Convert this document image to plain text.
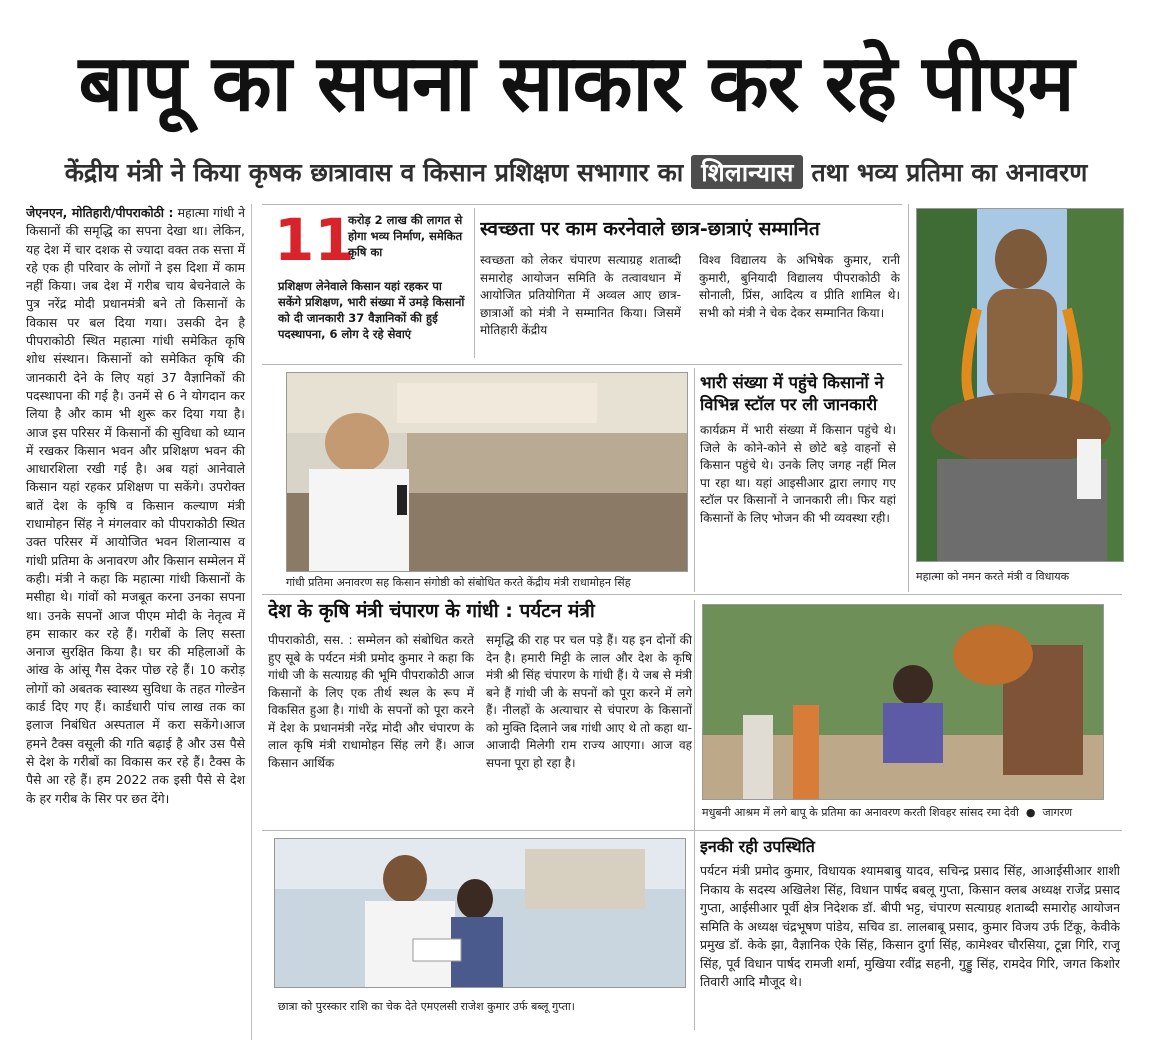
बापू का सपना साकार कर रहे पीएम
केंद्रीय मंत्री ने किया कृषक छात्रावास व किसान प्रशिक्षण सभागार का शिलान्यास तथा भव्य प्रतिमा का अनावरण
जेएनएन, मोतिहारी/पीपराकोठी : महात्मा गांधी ने किसानों की समृद्धि का सपना देखा था। लेकिन, यह देश में चार दशक से ज्यादा वक्त तक सत्ता में रहे एक ही परिवार के लोगों ने इस दिशा में काम नहीं किया। जब देश में गरीब चाय बेचनेवाले के पुत्र नरेंद्र मोदी प्रधानमंत्री बने तो किसानों के विकास पर बल दिया गया। उसकी देन है पीपराकोठी स्थित महात्मा गांधी समेकित कृषि शोध संस्थान। किसानों को समेकित कृषि की जानकारी देने के लिए यहां 37 वैज्ञानिकों की पदस्थापना की गई है। उनमें से 6 ने योगदान कर लिया है और काम भी शुरू कर दिया गया है। आज इस परिसर में किसानों की सुविधा को ध्यान में रखकर किसान भवन और प्रशिक्षण भवन की आधारशिला रखी गई है। अब यहां आनेवाले किसान यहां रहकर प्रशिक्षण पा सकेंगे। उपरोक्त बातें देश के कृषि व किसान कल्याण मंत्री राधामोहन सिंह ने मंगलवार को पीपराकोठी स्थित उक्त परिसर में आयोजित भवन शिलान्यास व गांधी प्रतिमा के अनावरण और किसान सम्मेलन में कही। मंत्री ने कहा कि महात्मा गांधी किसानों के मसीहा थे। गांवों को मजबूत करना उनका सपना था। उनके सपनों आज पीएम मोदी के नेतृत्व में हम साकार कर रहे हैं। गरीबों के लिए सस्ता अनाज सुरक्षित किया है। घर की महिलाओं के आंख के आंसू गैस देकर पोछ रहे हैं। 10 करोड़ लोगों को अबतक स्वास्थ्य सुविधा के तहत गोल्डेन कार्ड दिए गए हैं। कार्डधारी पांच लाख तक का इलाज निबंधित अस्पताल में करा सकेंगे।आज हमने टैक्स वसूली की गति बढ़ाई है और उस पैसे से देश के गरीबों का विकास कर रहे हैं। टैक्स के पैसे आ रहे हैं। हम 2022 तक इसी पैसे से देश के हर गरीब के सिर पर छत देंगे।
11
करोड़ 2 लाख की लागत से होगा भव्य निर्माण, समेकित कृषि का
प्रशिक्षण लेनेवाले किसान यहां रहकर पा सकेंगे प्रशिक्षण, भारी संख्या में उमड़े किसानों को दी जानकारी 37 वैज्ञानिकों की हुई पदस्थापना, 6 लोग दे रहे सेवाएं
स्वच्छता पर काम करनेवाले छात्र-छात्राएं सम्मानित
स्वच्छता को लेकर चंपारण सत्याग्रह शताब्दी समारोह आयोजन समिति के तत्वावधान में आयोजित प्रतियोगिता में अव्वल आए छात्र-छात्राओं को मंत्री ने सम्मानित किया। जिसमें मोतिहारी केंद्रीय
विश्व विद्यालय के अभिषेक कुमार, रानी कुमारी, बुनियादी विद्यालय पीपराकोठी के सोनाली, प्रिंस, आदित्य व प्रीति शामिल थे। सभी को मंत्री ने चेक देकर सम्मानित किया।
महात्मा को नमन करते मंत्री व विधायक
गांधी प्रतिमा अनावरण सह किसान संगोष्ठी को संबोधित करते केंद्रीय मंत्री राधामोहन सिंह
भारी संख्या में पहुंचे किसानों ने विभिन्न स्टॉल पर ली जानकारी
कार्यक्रम में भारी संख्या में किसान पहुंचे थे। जिले के कोने-कोने से छोटे बड़े वाहनों से किसान पहुंचे थे। उनके लिए जगह नहीं मिल पा रहा था। यहां आइसीआर द्वारा लगाए गए स्टॉल पर किसानों ने जानकारी ली। फिर यहां किसानों के लिए भोजन की भी व्यवस्था रही।
देश के कृषि मंत्री चंपारण के गांधी : पर्यटन मंत्री
पीपराकोठी, सस. : सम्मेलन को संबोधित करते हुए सूबे के पर्यटन मंत्री प्रमोद कुमार ने कहा कि गांधी जी के सत्याग्रह की भूमि पीपराकोठी आज किसानों के लिए एक तीर्थ स्थल के रूप में विकसित हुआ है। गांधी के सपनों को पूरा करने में देश के प्रधानमंत्री नरेंद्र मोदी और चंपारण के लाल कृषि मंत्री राधामोहन सिंह लगे हैं। आज किसान आर्थिक
समृद्धि की राह पर चल पड़े हैं। यह इन दोनों की देन है। हमारी मिट्टी के लाल और देश के कृषि मंत्री श्री सिंह चंपारण के गांधी हैं। ये जब से मंत्री बने हैं गांधी जी के सपनों को पूरा करने में लगे हैं। नीलहों के अत्याचार से चंपारण के किसानों को मुक्ति दिलाने जब गांधी आए थे तो कहा था- आजादी मिलेगी राम राज्य आएगा। आज वह सपना पूरा हो रहा है।
मधुबनी आश्रम में लगे बापू के प्रतिमा का अनावरण करती शिवहर सांसद रमा देवी  ●  जागरण
छात्रा को पुरस्कार राशि का चेक देते एमएलसी राजेश कुमार उर्फ बब्लू गुप्ता।
इनकी रही उपस्थिति
पर्यटन मंत्री प्रमोद कुमार, विधायक श्यामबाबु यादव, सचिन्द्र प्रसाद सिंह, आआईसीआर शाशी निकाय के सदस्य अखिलेश सिंह, विधान पार्षद बबलू गुप्ता, किसान क्लब अध्यक्ष राजेंद्र प्रसाद गुप्ता, आईसीआर पूर्वी क्षेत्र निदेशक डॉ. बीपी भट्ट, चंपारण सत्याग्रह शताब्दी समारोह आयोजन समिति के अध्यक्ष चंद्रभूषण पांडेय, सचिव डा. लालबाबू प्रसाद, कुमार विजय उर्फ टिंकू, केवीके प्रमुख डॉ. केके झा, वैज्ञानिक ऐके सिंह, किसान दुर्गा सिंह, कामेश्वर चौरसिया, टून्ना गिरि, राजू सिंह, पूर्व विधान पार्षद रामजी शर्मा, मुखिया रवींद्र सहनी, गुड्डु सिंह, रामदेव गिरि, जगत किशोर तिवारी आदि मौजूद थे।
